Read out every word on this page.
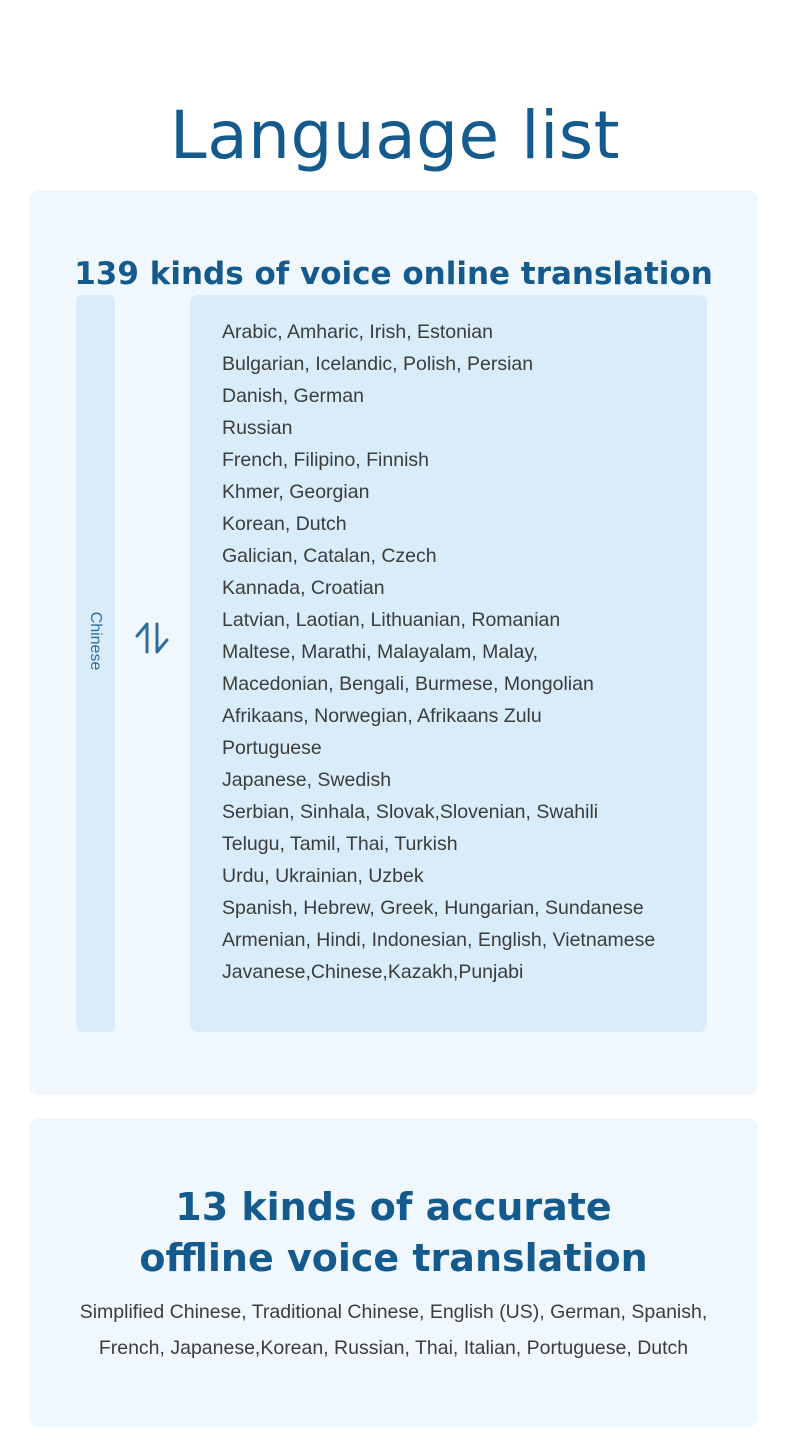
Language list
139 kinds of voice online translation
Chinese
Arabic, Amharic, Irish, Estonian
Bulgarian, Icelandic, Polish, Persian
Danish, German
Russian
French, Filipino, Finnish
Khmer, Georgian
Korean, Dutch
Galician, Catalan, Czech
Kannada, Croatian
Latvian, Laotian, Lithuanian, Romanian
Maltese, Marathi, Malayalam, Malay,
Macedonian, Bengali, Burmese, Mongolian
Afrikaans, Norwegian, Afrikaans Zulu
Portuguese
Japanese, Swedish
Serbian, Sinhala, Slovak,Slovenian, Swahili
Telugu, Tamil, Thai, Turkish
Urdu, Ukrainian, Uzbek
Spanish, Hebrew, Greek, Hungarian, Sundanese
Armenian, Hindi, Indonesian, English, Vietnamese
Javanese,Chinese,Kazakh,Punjabi
13 kinds of accurate
offline voice translation

Simplified Chinese, Traditional Chinese, English (US), German, Spanish,
French, Japanese,Korean, Russian, Thai, Italian, Portuguese, Dutch
